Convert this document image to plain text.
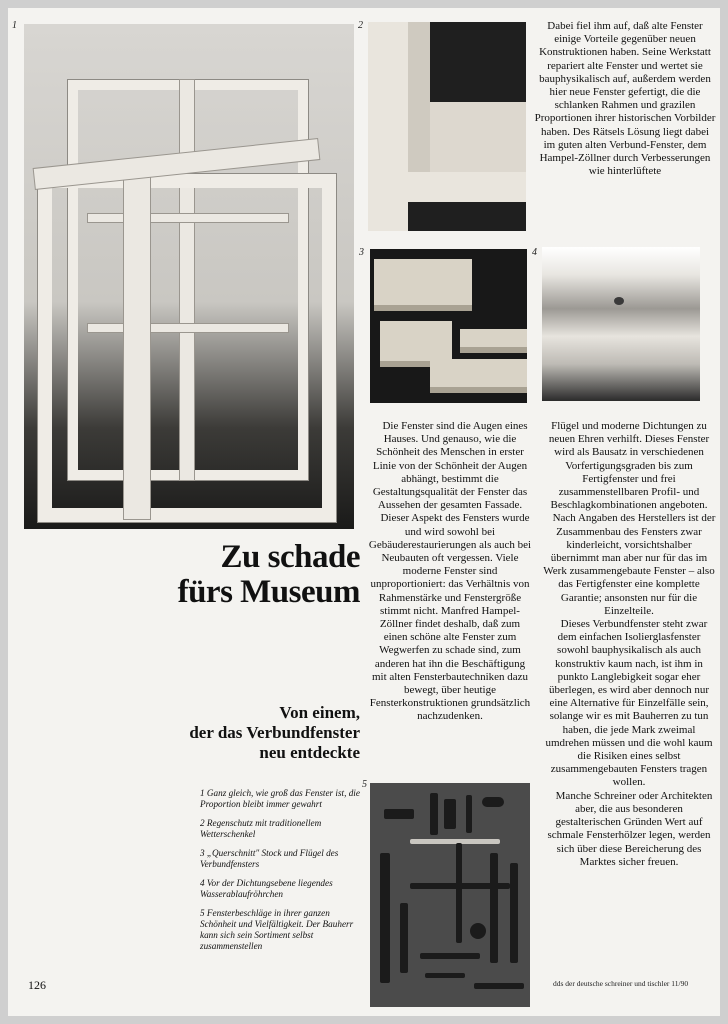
1	2
3	4
5

Dabei fiel ihm auf, daß alte Fenster einige Vorteile gegenüber neuen Konstruktionen haben. Seine Werkstatt repariert alte Fenster und wertet sie bauphysikalisch auf, außerdem werden hier neue Fenster gefertigt, die die schlanken Rahmen und grazilen Proportionen ihrer historischen Vorbilder haben. Des Rätsels Lösung liegt dabei im guten alten Verbund-Fenster, dem Hampel-Zöllner durch Verbesserungen wie hinterlüftete

Die Fenster sind die Augen eines Hauses. Und genauso, wie die Schönheit des Menschen in erster Linie von der Schönheit der Augen abhängt, bestimmt die Gestaltungsqualität der Fenster das Aussehen der gesamten Fassade.

Dieser Aspekt des Fensters wurde und wird sowohl bei Gebäuderestaurierungen als auch bei Neubauten oft vergessen. Viele moderne Fenster sind unproportioniert: das Verhältnis von Rahmenstärke und Fenstergröße stimmt nicht. Manfred Hampel-Zöllner findet deshalb, daß zum einen schöne alte Fenster zum Wegwerfen zu schade sind, zum anderen hat ihn die Beschäftigung mit alten Fensterbautechniken dazu bewegt, über heutige Fensterkonstruktionen grundsätzlich nachzudenken.

Flügel und moderne Dichtungen zu neuen Ehren verhilft. Dieses Fenster wird als Bausatz in verschiedenen Vorfertigungsgraden bis zum Fertigfenster und frei zusammenstellbaren Profil- und Beschlagkombinationen angeboten.

Nach Angaben des Herstellers ist der Zusammenbau des Fensters zwar kinderleicht, vorsichtshalber übernimmt man aber nur für das im Werk zusammengebaute Fenster – also das Fertigfenster eine komplette Garantie; ansonsten nur für die Einzelteile.

Dieses Verbundfenster steht zwar dem einfachen Isolierglasfenster sowohl bauphysikalisch als auch konstruktiv kaum nach, ist ihm in punkto Langlebigkeit sogar eher überlegen, es wird aber dennoch nur eine Alternative für Einzelfälle sein, solange wir es mit Bauherren zu tun haben, die jede Mark zweimal umdrehen müssen und die wohl kaum die Risiken eines selbst zusammengebauten Fensters tragen wollen.

Manche Schreiner oder Architekten aber, die aus besonderen gestalterischen Gründen Wert auf schmale Fensterhölzer legen, werden sich über diese Bereicherung des Marktes sicher freuen.

Zu schade
fürs Museum
Von einem,
der das Verbundfenster
neu entdeckte
1 Ganz gleich, wie groß das Fenster ist, die Proportion bleibt immer gewahrt
2 Regenschutz mit traditionellem Wetterschenkel
3 „Querschnitt" Stock und Flügel des Verbundfensters
4 Vor der Dichtungsebene liegendes Wasserablaufröhrchen
5 Fensterbeschläge in ihrer ganzen Schönheit und Vielfältigkeit. Der Bauherr kann sich sein Sortiment selbst zusammenstellen
126	dds der deutsche schreiner und tischler 11/90
